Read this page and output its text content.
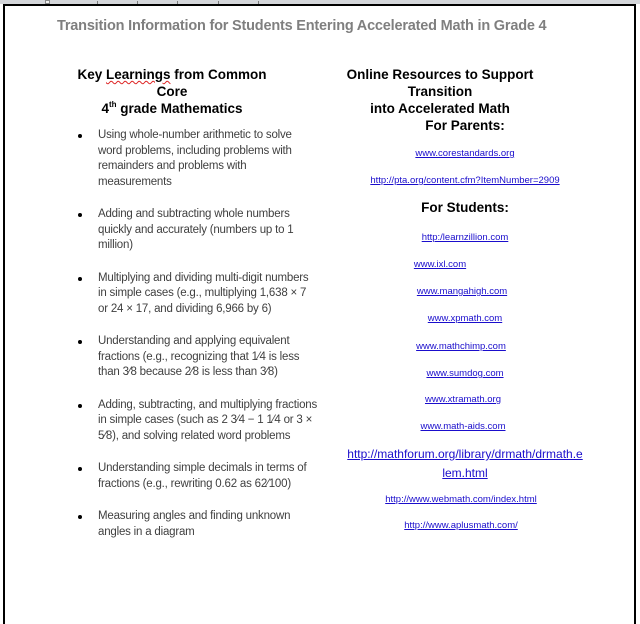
Transition Information for Students Entering Accelerated Math in Grade 4
Key Learnings from Common Core
4th grade Mathematics
Online Resources to Support Transition
into Accelerated Math
Using whole-number arithmetic to solve word problems, including problems with remainders and problems with measurements
Adding and subtracting whole numbers quickly and accurately (numbers up to 1 million)
Multiplying and dividing multi-digit numbers in simple cases (e.g., multiplying 1,638 × 7 or 24 × 17, and dividing 6,966 by 6)
Understanding and applying equivalent fractions (e.g., recognizing that 1⁄4 is less than 3⁄8 because 2⁄8 is less than 3⁄8)
Adding, subtracting, and multiplying fractions in simple cases (such as 2 3⁄4 − 1 1⁄4 or 3 × 5⁄8), and solving related word problems
Understanding simple decimals in terms of fractions (e.g., rewriting 0.62 as 62⁄100)
Measuring angles and finding unknown angles in a diagram
For Parents:
www.corestandards.org
http://pta.org/content.cfm?ItemNumber=2909
For Students:
http:/learnzillion.com
www.ixl.com
www.mangahigh.com
www.xpmath.com
www.mathchimp.com
www.sumdog.com
www.xtramath.org
www.math-aids.com
http://mathforum.org/library/drmath/drmath.e
lem.html
http://www.webmath.com/index.html
http://www.aplusmath.com/
